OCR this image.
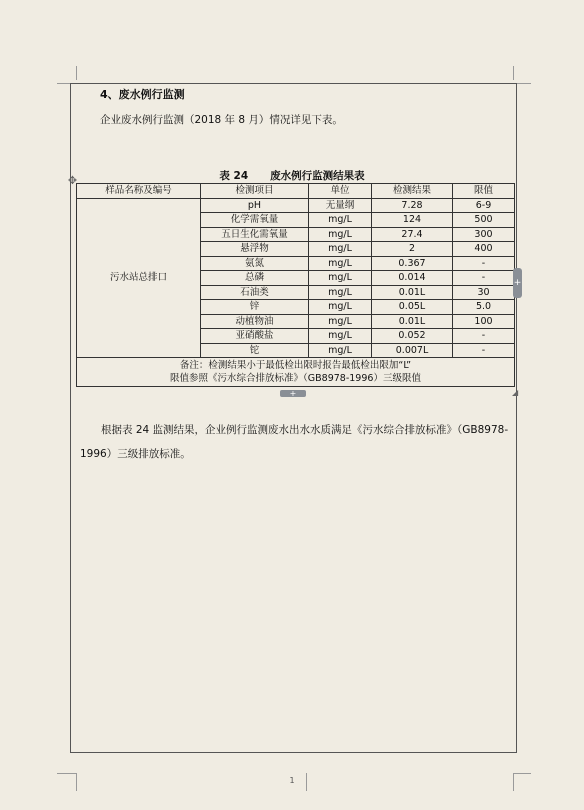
4、废水例行监测
企业废水例行监测（2018 年 8 月）情况详见下表。
表 24 废水例行监测结果表
✥
样品名称及编号	检测项目	单位	检测结果	限值
污水站总排口	pH	无量纲	7.28	6-9
	化学需氧量	mg/L	124	500
	五日生化需氧量	mg/L	27.4	300
	悬浮物	mg/L	2	400
	氨氮	mg/L	0.367	-
	总磷	mg/L	0.014	-
	石油类	mg/L	0.01L	30
	锌	mg/L	0.05L	5.0
	动植物油	mg/L	0.01L	100
	亚硝酸盐	mg/L	0.052	-
	铊	mg/L	0.007L	-

备注：检测结果小于最低检出限时报告最低检出限加“L”
限值参照《污水综合排放标准》（GB8978-1996）三级限值				
+
+	◢
根据表 24 监测结果，企业例行监测废水出水水质满足《污水综合排放标准》（GB8978-1996）三级排放标准。
1
